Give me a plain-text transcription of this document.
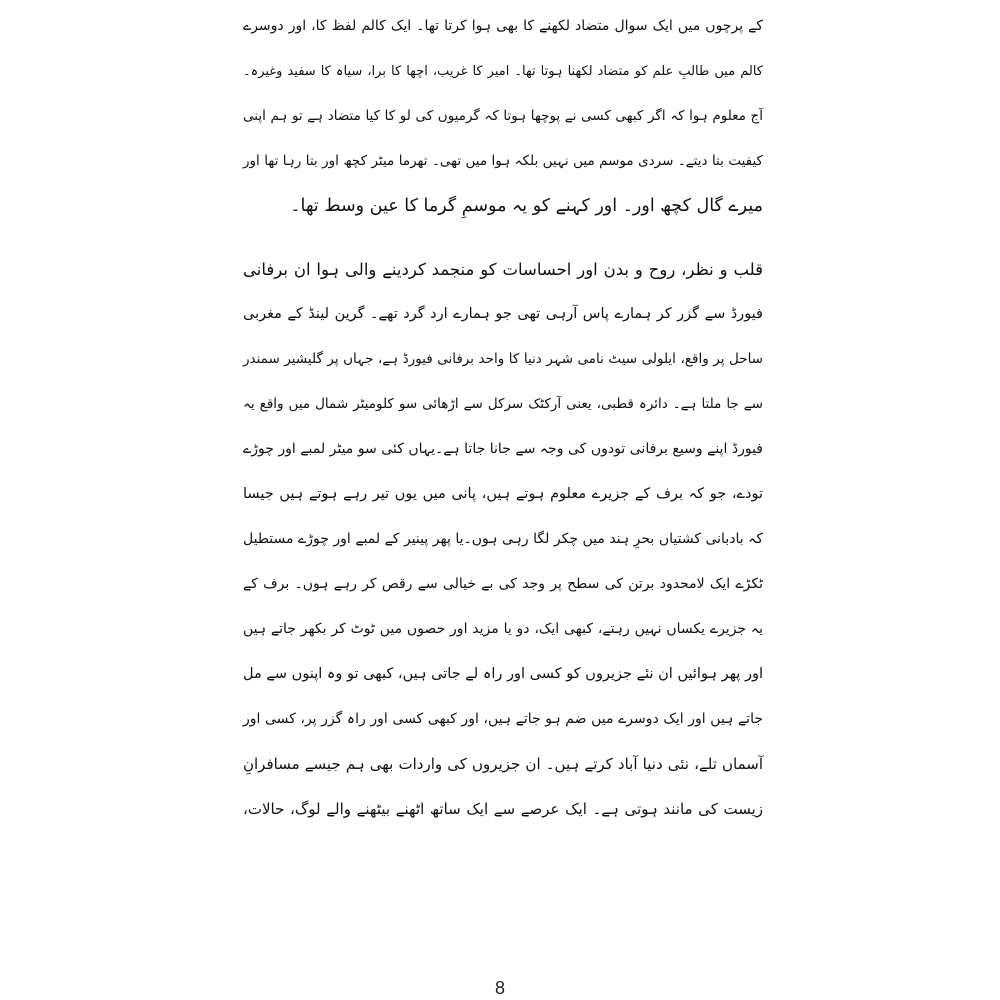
کے پرچوں میں ایک سوال متضاد لکھنے کا بھی ہوا کرتا تھا۔ ایک کالم لفظ کا، اور دوسرے
کالم میں طالبِ علم کو متضاد لکھنا ہوتا تھا۔ امیر کا غریب، اچھا کا برا، سیاہ کا سفید وغیرہ۔
آج معلوم ہوا کہ اگر کبھی کسی نے پوچھا ہوتا کہ گرمیوں کی لو کا کیا متضاد ہے تو ہم اپنی
کیفیت بتا دیتے۔ سردی موسم میں نہیں بلکہ ہوا میں تھی۔ تھرما میٹر کچھ اور بتا رہا تھا اور
میرے گال کچھ اور۔ اور کہنے کو یہ موسمِ گرما کا عین وسط تھا۔
قلب و نظر، روح و بدن اور احساسات کو منجمد کردینے والی ہوا ان برفانی
فیورڈ سے گزر کر ہمارے پاس آرہی تھی جو ہمارے ارد گرد تھے۔ گرین لینڈ کے مغربی
ساحل پر واقع، ایلولی سیٹ نامی شہر دنیا کا واحد برفانی فیورڈ ہے، جہاں پر گلیشیر سمندر
سے جا ملتا ہے۔ دائرہ قطبی، یعنی آرکٹک سرکل سے اڑھائی سو کلومیٹر شمال میں واقع یہ
فیورڈ اپنے وسیع برفانی تودوں کی وجہ سے جانا جاتا ہے۔یہاں کئی سو میٹر لمبے اور چوڑے
تودے، جو کہ برف کے جزیرے معلوم ہوتے ہیں، پانی میں یوں تیر رہے ہوتے ہیں جیسا
کہ بادبانی کشتیاں بحرِ ہند میں چکر لگا رہی ہوں۔یا پھر پینیر کے لمبے اور چوڑے مستطیل
ٹکڑے ایک لامحدود برتن کی سطح پر وجد کی بے خیالی سے رقص کر رہے ہوں۔ برف کے
یہ جزیرے یکساں نہیں رہتے، کبھی ایک، دو یا مزید اور حصوں میں ٹوٹ کر بکھر جاتے ہیں
اور پھر ہوائیں ان نئے جزیروں کو کسی اور راہ لے جاتی ہیں، کبھی تو وہ اپنوں سے مل
جاتے ہیں اور ایک دوسرے میں ضم ہو جاتے ہیں، اور کبھی کسی اور راہ گزر پر، کسی اور
آسماں تلے، نئی دنیا آباد کرتے ہیں۔ ان جزیروں کی واردات بھی ہم جیسے مسافرانِ
زیست کی مانند ہوتی ہے۔ ایک عرصے سے ایک ساتھ اٹھنے بیٹھنے والے لوگ، حالات،
8
